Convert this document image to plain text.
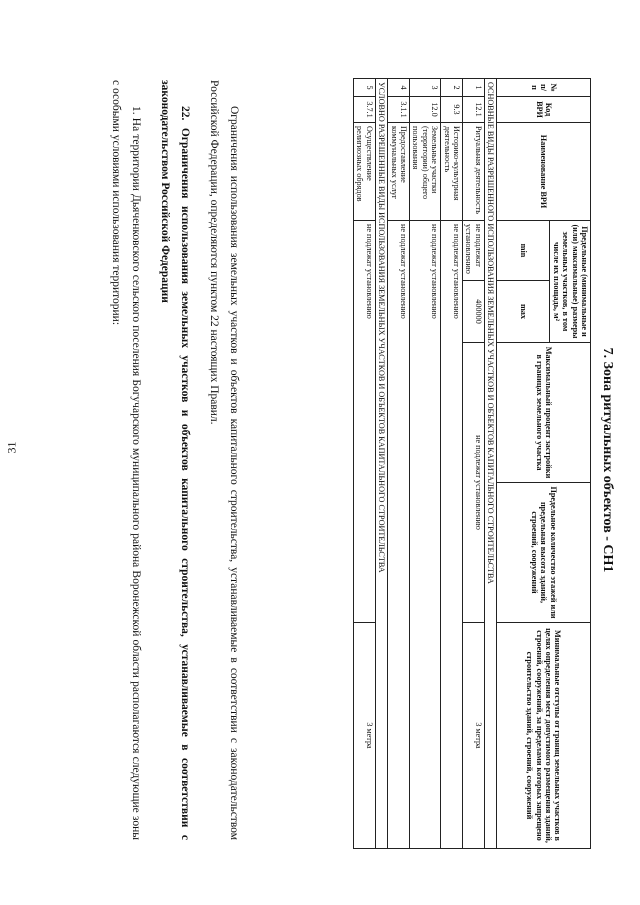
31	7. Зона ритуальных объектов - СН1
№ п/п	Код ВРИ	Наименование ВРИ	Предельные (минимальные и (или) максимальные) размеры земельных участков, в том числе их площадь, м²		Максимальный процент застройки в границах земельного участка	Предельное количество этажей или предельная высота зданий, строений, сооружений	Минимальные отступы от границ земельных участков в целях определения мест допустимого размещения зданий, строений, сооружений, за пределами которых запрещено строительство зданий, строений, сооружений
			min	max			
ОСНОВНЫЕ ВИДЫ РАЗРЕШЕННОГО ИСПОЛЬЗОВАНИЯ ЗЕМЕЛЬНЫХ УЧАСТКОВ И ОБЪЕКТОВ КАПИТАЛЬНОГО СТРОИТЕЛЬСТВА							
1	12.1	Ритуальная деятельность	не подлежат установлению	400000	не подлежат установлению		3 метра
2	9.3	Историко-культурная деятельность	не подлежат установлению				
3	12.0	Земельные участки (территории) общего пользования	не подлежат установлению				
4	3.1.1	Предоставление коммунальных услуг	не подлежат установлению				
УСЛОВНО РАЗРЕШЕННЫЕ ВИДЫ ИСПОЛЬЗОВАНИЯ ЗЕМЕЛЬНЫХ УЧАСТКОВ И ОБЪЕКТОВ КАПИТАЛЬНОГО СТРОИТЕЛЬСТВА							
5	3.7.1	Осуществление религиозных обрядов	не подлежат установлению				3 метра

Ограничения использования земельных участков и объектов капитального строительства, устанавливаемые в соответствии с законодательством Российской Федерации, определяются пунктом 22 настоящих Правил.

22. Ограничения использования земельных участков и объектов капитального строительства, устанавливаемые в соответствии с законодательством Российской Федерации

1. На территории Дьяченковского сельского поселения Богучарского муниципального района Воронежской области располагаются следующие зоны с особыми условиями использования территории:
